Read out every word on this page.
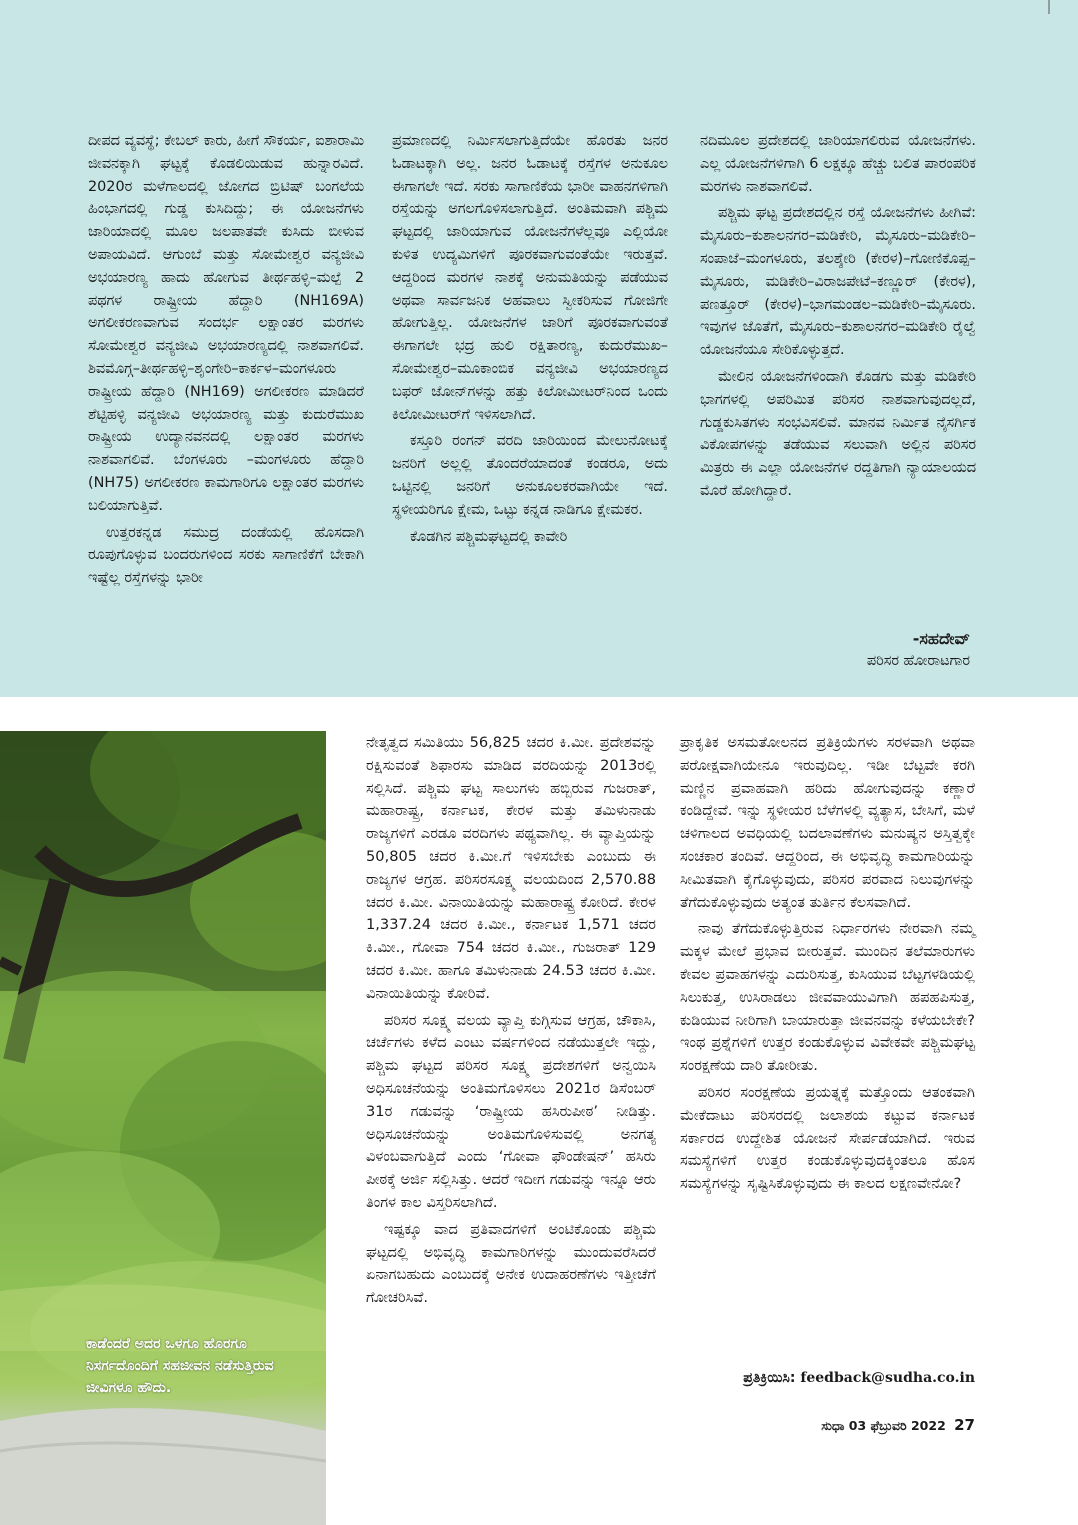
ದೀಪದ ವ್ಯವಸ್ಥೆ; ಕೇಬಲ್ ಕಾರು, ಹೀಗೆ ಸೌಕರ್ಯ, ಐಶಾರಾಮಿ ಜೀವನಕ್ಕಾಗಿ ಘಟ್ಟಕ್ಕೆ ಕೊಡಲಿಯಿಡುವ ಹುನ್ನಾರವಿದೆ. 2020ರ ಮಳೆಗಾಲದಲ್ಲಿ ಜೋಗದ ಬ್ರಿಟಿಷ್ ಬಂಗಲೆಯ ಹಿಂಭಾಗದಲ್ಲಿ ಗುಡ್ಡ ಕುಸಿದಿದ್ದು; ಈ ಯೋಜನೆಗಳು ಜಾರಿಯಾದಲ್ಲಿ ಮೂಲ ಜಲಪಾತವೇ ಕುಸಿದು ಬೀಳುವ ಅಪಾಯವಿದೆ. ಆಗುಂಬೆ ಮತ್ತು ಸೋಮೇಶ್ವರ ವನ್ಯಜೀವಿ ಅಭಯಾರಣ್ಯ ಹಾದು ಹೋಗುವ ತೀರ್ಥಹಳ್ಳಿ–ಮಲ್ಪೆ 2 ಪಥಗಳ ರಾಷ್ಟ್ರೀಯ ಹೆದ್ದಾರಿ (NH169A) ಅಗಲೀಕರಣವಾಗುವ ಸಂದರ್ಭ ಲಕ್ಷಾಂತರ ಮರಗಳು ಸೋಮೇಶ್ವರ ವನ್ಯಜೀವಿ ಅಭಯಾರಣ್ಯದಲ್ಲಿ ನಾಶವಾಗಲಿವೆ. ಶಿವಮೊಗ್ಗ–ತೀರ್ಥಹಳ್ಳಿ–ಶೃಂಗೇರಿ–ಕಾರ್ಕಳ–ಮಂಗಳೂರು ರಾಷ್ಟ್ರೀಯ ಹೆದ್ದಾರಿ (NH169) ಅಗಲೀಕರಣ ಮಾಡಿದರೆ ಶೆಟ್ಟಿಹಳ್ಳಿ ವನ್ಯಜೀವಿ ಅಭಯಾರಣ್ಯ ಮತ್ತು ಕುದುರೆಮುಖ ರಾಷ್ಟ್ರೀಯ ಉದ್ಯಾನವನದಲ್ಲಿ ಲಕ್ಷಾಂತರ ಮರಗಳು ನಾಶವಾಗಲಿವೆ. ಬೆಂಗಳೂರು –ಮಂಗಳೂರು ಹೆದ್ದಾರಿ (NH75) ಅಗಲೀಕರಣ ಕಾಮಗಾರಿಗೂ ಲಕ್ಷಾಂತರ ಮರಗಳು ಬಲಿಯಾಗುತ್ತಿವೆ.

ಉತ್ತರಕನ್ನಡ ಸಮುದ್ರ ದಂಡೆಯಲ್ಲಿ ಹೊಸದಾಗಿ ರೂಪುಗೊಳ್ಳುವ ಬಂದರುಗಳಿಂದ ಸರಕು ಸಾಗಾಣಿಕೆಗೆ ಬೇಕಾಗಿ ಇಷ್ಟೆಲ್ಲ ರಸ್ತೆಗಳನ್ನು ಭಾರೀ

ಪ್ರಮಾಣದಲ್ಲಿ ನಿರ್ಮಿಸಲಾಗುತ್ತಿದೆಯೇ ಹೊರತು ಜನರ ಓಡಾಟಕ್ಕಾಗಿ ಅಲ್ಲ. ಜನರ ಓಡಾಟಕ್ಕೆ ರಸ್ತೆಗಳ ಅನುಕೂಲ ಈಗಾಗಲೇ ಇದೆ. ಸರಕು ಸಾಗಾಣಿಕೆಯ ಭಾರೀ ವಾಹನಗಳಿಗಾಗಿ ರಸ್ತೆಯನ್ನು ಅಗಲಗೊಳಿಸಲಾಗುತ್ತಿದೆ. ಅಂತಿಮವಾಗಿ ಪಶ್ಚಿಮ ಘಟ್ಟದಲ್ಲಿ ಜಾರಿಯಾಗುವ ಯೋಜನೆಗಳೆಲ್ಲವೂ ಎಲ್ಲಿಯೋ ಕುಳಿತ ಉದ್ಯಮಿಗಳಿಗೆ ಪೂರಕವಾಗುವಂತೆಯೇ ಇರುತ್ತವೆ. ಆದ್ದರಿಂದ ಮರಗಳ ನಾಶಕ್ಕೆ ಅನುಮತಿಯನ್ನು ಪಡೆಯುವ ಅಥವಾ ಸಾರ್ವಜನಿಕ ಅಹವಾಲು ಸ್ವೀಕರಿಸುವ ಗೋಜಿಗೇ ಹೋಗುತ್ತಿಲ್ಲ. ಯೋಜನೆಗಳ ಜಾರಿಗೆ ಪೂರಕವಾಗುವಂತೆ ಈಗಾಗಲೇ ಭದ್ರ ಹುಲಿ ರಕ್ಷಿತಾರಣ್ಯ, ಕುದುರೆಮುಖ–ಸೋಮೇಶ್ವರ–ಮೂಕಾಂಬಿಕ ವನ್ಯಜೀವಿ ಅಭಯಾರಣ್ಯದ ಬಫರ್ ಜೋನ್‌ಗಳನ್ನು ಹತ್ತು ಕಿಲೋಮೀಟರ್‌ನಿಂದ ಒಂದು ಕಿಲೋಮೀಟರ್‌ಗೆ ಇಳಿಸಲಾಗಿದೆ.

ಕಸ್ತೂರಿ ರಂಗನ್ ವರದಿ ಜಾರಿಯಿಂದ ಮೇಲುನೋಟಕ್ಕೆ ಜನರಿಗೆ ಅಲ್ಲಲ್ಲಿ ತೊಂದರೆಯಾದಂತೆ ಕಂಡರೂ, ಅದು ಒಟ್ಟಿನಲ್ಲಿ ಜನರಿಗೆ ಅನುಕೂಲಕರವಾಗಿಯೇ ಇದೆ. ಸ್ಥಳೀಯರಿಗೂ ಕ್ಷೇಮ, ಒಟ್ಟು ಕನ್ನಡ ನಾಡಿಗೂ ಕ್ಷೇಮಕರ.

ಕೊಡಗಿನ ಪಶ್ಚಿಮಘಟ್ಟದಲ್ಲಿ ಕಾವೇರಿ

ನದಿಮೂಲ ಪ್ರದೇಶದಲ್ಲಿ ಜಾರಿಯಾಗಲಿರುವ ಯೋಜನೆಗಳು. ಎಲ್ಲ ಯೋಜನೆಗಳಿಗಾಗಿ 6 ಲಕ್ಷಕ್ಕೂ ಹೆಚ್ಚು ಬಲಿತ ಪಾರಂಪರಿಕ ಮರಗಳು ನಾಶವಾಗಲಿವೆ.

ಪಶ್ಚಿಮ ಘಟ್ಟ ಪ್ರದೇಶದಲ್ಲಿನ ರಸ್ತೆ ಯೋಜನೆಗಳು ಹೀಗಿವೆ: ಮೈಸೂರು–ಕುಶಾಲನಗರ–ಮಡಿಕೇರಿ, ಮೈಸೂರು–ಮಡಿಕೇರಿ–ಸಂಪಾಜೆ–ಮಂಗಳೂರು, ತಲಶ್ಶೇರಿ (ಕೇರಳ)–ಗೋಣಿಕೊಪ್ಪ–ಮೈಸೂರು, ಮಡಿಕೇರಿ–ವಿರಾಜಪೇಟೆ–ಕಣ್ಣೂರ್ (ಕೇರಳ), ಪಣತ್ತೂರ್ (ಕೇರಳ)–ಭಾಗಮಂಡಲ–ಮಡಿಕೇರಿ–ಮೈಸೂರು. ಇವುಗಳ ಜೊತೆಗೆ, ಮೈಸೂರು–ಕುಶಾಲನಗರ–ಮಡಿಕೇರಿ ರೈಲ್ವೆ ಯೋಜನೆಯೂ ಸೇರಿಕೊಳ್ಳುತ್ತದೆ.

ಮೇಲಿನ ಯೋಜನೆಗಳಿಂದಾಗಿ ಕೊಡಗು ಮತ್ತು ಮಡಿಕೇರಿ ಭಾಗಗಳಲ್ಲಿ ಅಪರಿಮಿತ ಪರಿಸರ ನಾಶವಾಗುವುದಲ್ಲದೆ, ಗುಡ್ಡಕುಸಿತಗಳು ಸಂಭವಿಸಲಿವೆ. ಮಾನವ ನಿರ್ಮಿತ ನೈಸರ್ಗಿಕ ವಿಕೋಪಗಳನ್ನು ತಡೆಯುವ ಸಲುವಾಗಿ ಅಲ್ಲಿನ ಪರಿಸರ ಮಿತ್ರರು ಈ ಎಲ್ಲಾ ಯೋಜನೆಗಳ ರದ್ದತಿಗಾಗಿ ನ್ಯಾಯಾಲಯದ ಮೊರೆ ಹೋಗಿದ್ದಾರೆ.

-ಸಹದೇವ್
ಪರಿಸರ ಹೋರಾಟಗಾರ
ಕಾಡೆಂದರೆ ಅದರ ಒಳಗೂ ಹೊರಗೂ ನಿಸರ್ಗದೊಂದಿಗೆ ಸಹಜೀವನ ನಡೆಸುತ್ತಿರುವ ಜೀವಿಗಳೂ ಹೌದು.

ನೇತೃತ್ವದ ಸಮಿತಿಯು 56,825 ಚದರ ಕಿ.ಮೀ. ಪ್ರದೇಶವನ್ನು ರಕ್ಷಿಸುವಂತೆ ಶಿಫಾರಸು ಮಾಡಿದ ವರದಿಯನ್ನು 2013ರಲ್ಲಿ ಸಲ್ಲಿಸಿದೆ. ಪಶ್ಚಿಮ ಘಟ್ಟ ಸಾಲುಗಳು ಹಬ್ಬಿರುವ ಗುಜರಾತ್, ಮಹಾರಾಷ್ಟ್ರ, ಕರ್ನಾಟಕ, ಕೇರಳ ಮತ್ತು ತಮಿಳುನಾಡು ರಾಜ್ಯಗಳಿಗೆ ಎರಡೂ ವರದಿಗಳು ಪಥ್ಯವಾಗಿಲ್ಲ. ಈ ವ್ಯಾಪ್ತಿಯನ್ನು 50,805 ಚದರ ಕಿ.ಮೀ.ಗೆ ಇಳಿಸಬೇಕು ಎಂಬುದು ಈ ರಾಜ್ಯಗಳ ಆಗ್ರಹ. ಪರಿಸರಸೂಕ್ಷ್ಮ ವಲಯದಿಂದ 2,570.88 ಚದರ ಕಿ.ಮೀ. ವಿನಾಯಿತಿಯನ್ನು ಮಹಾರಾಷ್ಟ್ರ ಕೋರಿದೆ. ಕೇರಳ 1,337.24 ಚದರ ಕಿ.ಮೀ., ಕರ್ನಾಟಕ 1,571 ಚದರ ಕಿ.ಮೀ., ಗೋವಾ 754 ಚದರ ಕಿ.ಮೀ., ಗುಜರಾತ್ 129 ಚದರ ಕಿ.ಮೀ. ಹಾಗೂ ತಮಿಳುನಾಡು 24.53 ಚದರ ಕಿ.ಮೀ. ವಿನಾಯಿತಿಯನ್ನು ಕೋರಿವೆ.

ಪರಿಸರ ಸೂಕ್ಷ್ಮ ವಲಯ ವ್ಯಾಪ್ತಿ ಕುಗ್ಗಿಸುವ ಆಗ್ರಹ, ಚೌಕಾಸಿ, ಚರ್ಚೆಗಳು ಕಳೆದ ಎಂಟು ವರ್ಷಗಳಿಂದ ನಡೆಯುತ್ತಲೇ ಇದ್ದು, ಪಶ್ಚಿಮ ಘಟ್ಟದ ಪರಿಸರ ಸೂಕ್ಷ್ಮ ಪ್ರದೇಶಗಳಿಗೆ ಅನ್ವಯಿಸಿ ಅಧಿಸೂಚನೆಯನ್ನು ಅಂತಿಮಗೊಳಿಸಲು 2021ರ ಡಿಸೆಂಬರ್ 31ರ ಗಡುವನ್ನು ‘ರಾಷ್ಟ್ರೀಯ ಹಸಿರುಪೀಠ’ ನೀಡಿತ್ತು. ಅಧಿಸೂಚನೆಯನ್ನು ಅಂತಿಮಗೊಳಿಸುವಲ್ಲಿ ಅನಗತ್ಯ ವಿಳಂಬವಾಗುತ್ತಿದೆ ಎಂದು ‘ಗೋವಾ ಫೌಂಡೇಷನ್’ ಹಸಿರು ಪೀಠಕ್ಕೆ ಅರ್ಜಿ ಸಲ್ಲಿಸಿತ್ತು. ಆದರೆ ಇದೀಗ ಗಡುವನ್ನು ಇನ್ನೂ ಆರು ತಿಂಗಳ ಕಾಲ ವಿಸ್ತರಿಸಲಾಗಿದೆ.

ಇಷ್ಟಕ್ಕೂ ವಾದ ಪ್ರತಿವಾದಗಳಿಗೆ ಅಂಟಿಕೊಂಡು ಪಶ್ಚಿಮ ಘಟ್ಟದಲ್ಲಿ ಅಭಿವೃದ್ಧಿ ಕಾಮಗಾರಿಗಳನ್ನು ಮುಂದುವರೆಸಿದರೆ ಏನಾಗಬಹುದು ಎಂಬುದಕ್ಕೆ ಅನೇಕ ಉದಾಹರಣೆಗಳು ಇತ್ತೀಚೆಗೆ ಗೋಚರಿಸಿವೆ.

ಪ್ರಾಕೃತಿಕ ಅಸಮತೋಲನದ ಪ್ರತಿಕ್ರಿಯೆಗಳು ಸರಳವಾಗಿ ಅಥವಾ ಪರೋಕ್ಷವಾಗಿಯೇನೂ ಇರುವುದಿಲ್ಲ. ಇಡೀ ಬೆಟ್ಟವೇ ಕರಗಿ ಮಣ್ಣಿನ ಪ್ರವಾಹವಾಗಿ ಹರಿದು ಹೋಗುವುದನ್ನು ಕಣ್ಣಾರೆ ಕಂಡಿದ್ದೇವೆ. ಇನ್ನು ಸ್ಥಳೀಯರ ಬೆಳೆಗಳಲ್ಲಿ ವ್ಯತ್ಯಾಸ, ಬೇಸಿಗೆ, ಮಳೆ ಚಳಿಗಾಲದ ಅವಧಿಯಲ್ಲಿ ಬದಲಾವಣೆಗಳು ಮನುಷ್ಯನ ಅಸ್ತಿತ್ವಕ್ಕೇ ಸಂಚಕಾರ ತಂದಿವೆ. ಆದ್ದರಿಂದ, ಈ ಅಭಿವೃದ್ಧಿ ಕಾಮಗಾರಿಯನ್ನು ಸೀಮಿತವಾಗಿ ಕೈಗೊಳ್ಳುವುದು, ಪರಿಸರ ಪರವಾದ ನಿಲುವುಗಳನ್ನು ತೆಗೆದುಕೊಳ್ಳುವುದು ಅತ್ಯಂತ ತುರ್ತಿನ ಕೆಲಸವಾಗಿದೆ.

ನಾವು ತೆಗೆದುಕೊಳ್ಳುತ್ತಿರುವ ನಿರ್ಧಾರಗಳು ನೇರವಾಗಿ ನಮ್ಮ ಮಕ್ಕಳ ಮೇಲೆ ಪ್ರಭಾವ ಬೀರುತ್ತವೆ. ಮುಂದಿನ ತಲೆಮಾರುಗಳು ಕೇವಲ ಪ್ರವಾಹಗಳನ್ನು ಎದುರಿಸುತ್ತ, ಕುಸಿಯುವ ಬೆಟ್ಟಗಳಡಿಯಲ್ಲಿ ಸಿಲುಕುತ್ತ, ಉಸಿರಾಡಲು ಜೀವವಾಯುವಿಗಾಗಿ ಹಪಹಪಿಸುತ್ತ, ಕುಡಿಯುವ ನೀರಿಗಾಗಿ ಬಾಯಾರುತ್ತಾ ಜೀವನವನ್ನು ಕಳೆಯಬೇಕೇ? ಇಂಥ ಪ್ರಶ್ನೆಗಳಿಗೆ ಉತ್ತರ ಕಂಡುಕೊಳ್ಳುವ ವಿವೇಕವೇ ಪಶ್ಚಿಮಘಟ್ಟ ಸಂರಕ್ಷಣೆಯ ದಾರಿ ತೋರೀತು.

ಪರಿಸರ ಸಂರಕ್ಷಣೆಯ ಪ್ರಯತ್ನಕ್ಕೆ ಮತ್ತೊಂದು ಆತಂಕವಾಗಿ ಮೇಕೆದಾಟು ಪರಿಸರದಲ್ಲಿ ಜಲಾಶಯ ಕಟ್ಟುವ ಕರ್ನಾಟಕ ಸರ್ಕಾರದ ಉದ್ದೇಶಿತ ಯೋಜನೆ ಸೇರ್ಪಡೆಯಾಗಿದೆ. ಇರುವ ಸಮಸ್ಯೆಗಳಿಗೆ ಉತ್ತರ ಕಂಡುಕೊಳ್ಳುವುದಕ್ಕಿಂತಲೂ ಹೊಸ ಸಮಸ್ಯೆಗಳನ್ನು ಸೃಷ್ಟಿಸಿಕೊಳ್ಳುವುದು ಈ ಕಾಲದ ಲಕ್ಷಣವೇನೋ?

ಪ್ರತಿಕ್ರಿಯಿಸಿ: feedback@sudha.co.in
ಸುಧಾ 03 ಫೆಬ್ರುವರಿ 2022 27
